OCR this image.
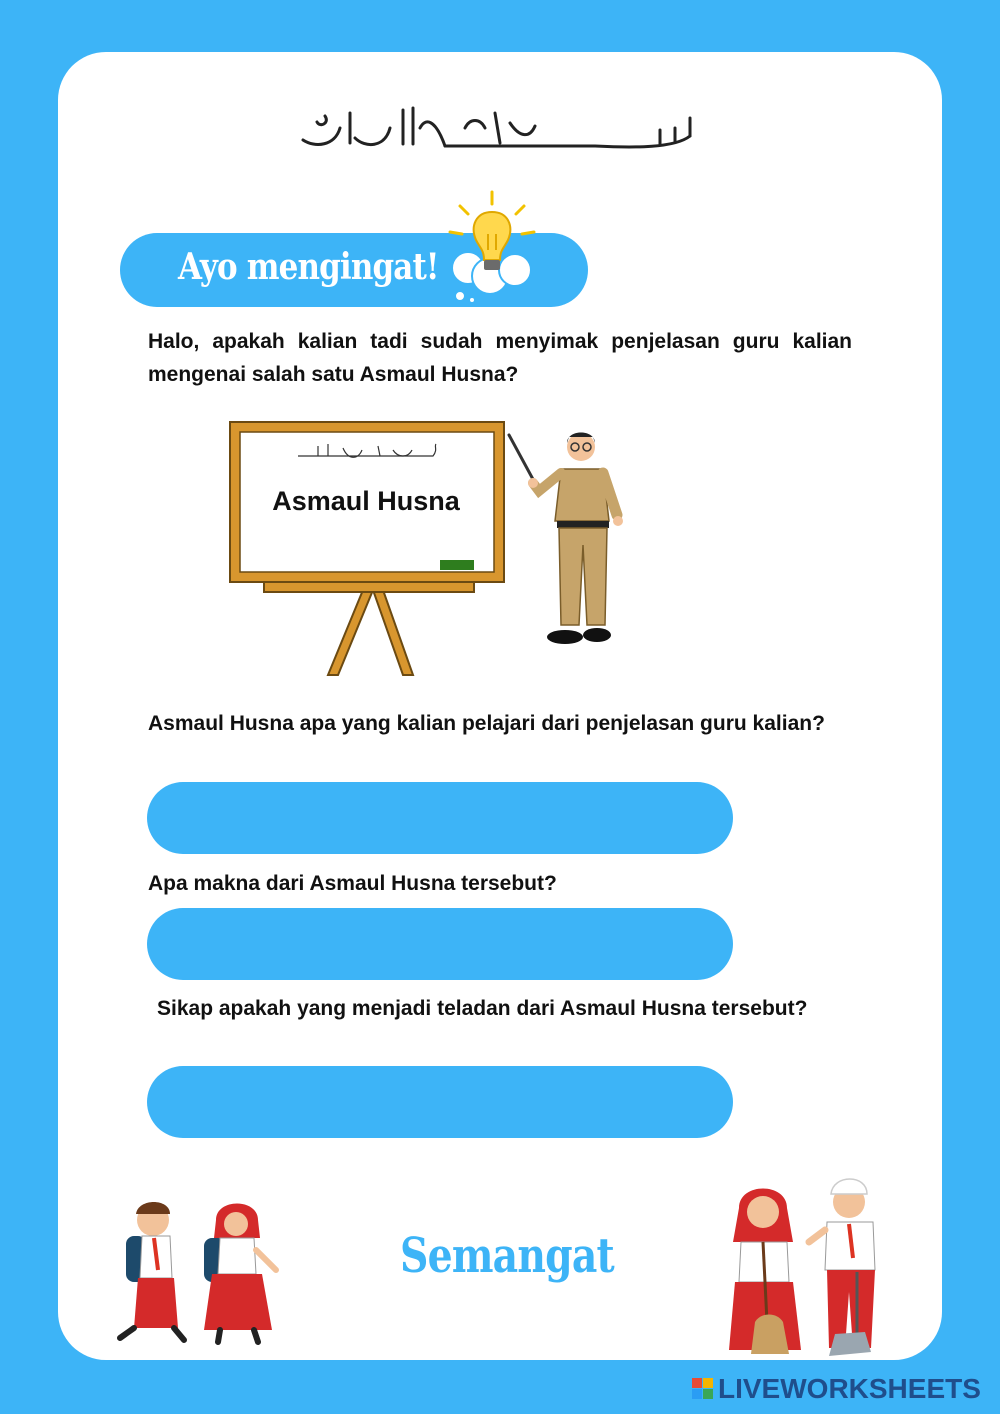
Ayo mengingat!
Halo, apakah kalian tadi sudah menyimak penjelasan guru kalian mengenai salah satu Asmaul Husna?
Asmaul Husna
Asmaul Husna apa yang kalian pelajari dari penjelasan guru kalian?
Apa makna dari Asmaul Husna tersebut?
Sikap apakah yang menjadi teladan dari Asmaul Husna tersebut?
Semangat
LIVEWORKSHEETS
